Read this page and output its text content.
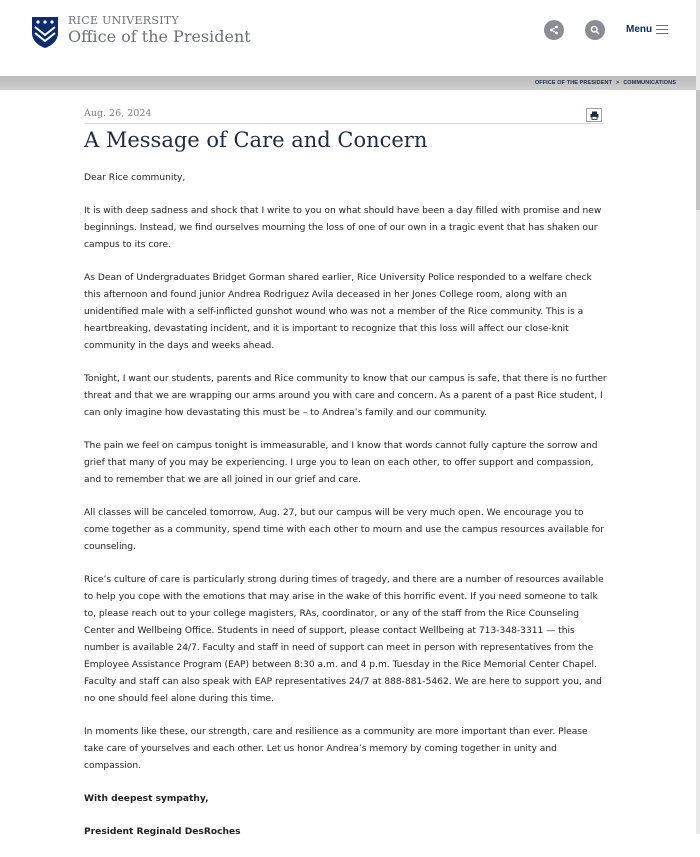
RICE UNIVERSITY
Office of the President	Menu
OFFICE OF THE PRESIDENT > COMMUNICATIONS
Aug. 26, 2024
A Message of Care and Concern

Dear Rice community,

It is with deep sadness and shock that I write to you on what should have been a day filled with promise and new beginnings. Instead, we find ourselves mourning the loss of one of our own in a tragic event that has shaken our campus to its core.

As Dean of Undergraduates Bridget Gorman shared earlier, Rice University Police responded to a welfare check this afternoon and found junior Andrea Rodriguez Avila deceased in her Jones College room, along with an unidentified male with a self-inflicted gunshot wound who was not a member of the Rice community. This is a heartbreaking, devastating incident, and it is important to recognize that this loss will affect our close-knit community in the days and weeks ahead.

Tonight, I want our students, parents and Rice community to know that our campus is safe, that there is no further threat and that we are wrapping our arms around you with care and concern. As a parent of a past Rice student, I can only imagine how devastating this must be – to Andrea’s family and our community.

The pain we feel on campus tonight is immeasurable, and I know that words cannot fully capture the sorrow and grief that many of you may be experiencing. I urge you to lean on each other, to offer support and compassion, and to remember that we are all joined in our grief and care.

All classes will be canceled tomorrow, Aug. 27, but our campus will be very much open. We encourage you to come together as a community, spend time with each other to mourn and use the campus resources available for counseling.

Rice’s culture of care is particularly strong during times of tragedy, and there are a number of resources available to help you cope with the emotions that may arise in the wake of this horrific event. If you need someone to talk to, please reach out to your college magisters, RAs, coordinator, or any of the staff from the Rice Counseling Center and Wellbeing Office. Students in need of support, please contact Wellbeing at 713-348-3311 — this number is available 24/7. Faculty and staff in need of support can meet in person with representatives from the Employee Assistance Program (EAP) between 8:30 a.m. and 4 p.m. Tuesday in the Rice Memorial Center Chapel. Faculty and staff can also speak with EAP representatives 24/7 at 888-881-5462. We are here to support you, and no one should feel alone during this time.

In moments like these, our strength, care and resilience as a community are more important than ever. Please take care of yourselves and each other. Let us honor Andrea’s memory by coming together in unity and compassion.

With deepest sympathy,

President Reginald DesRoches
